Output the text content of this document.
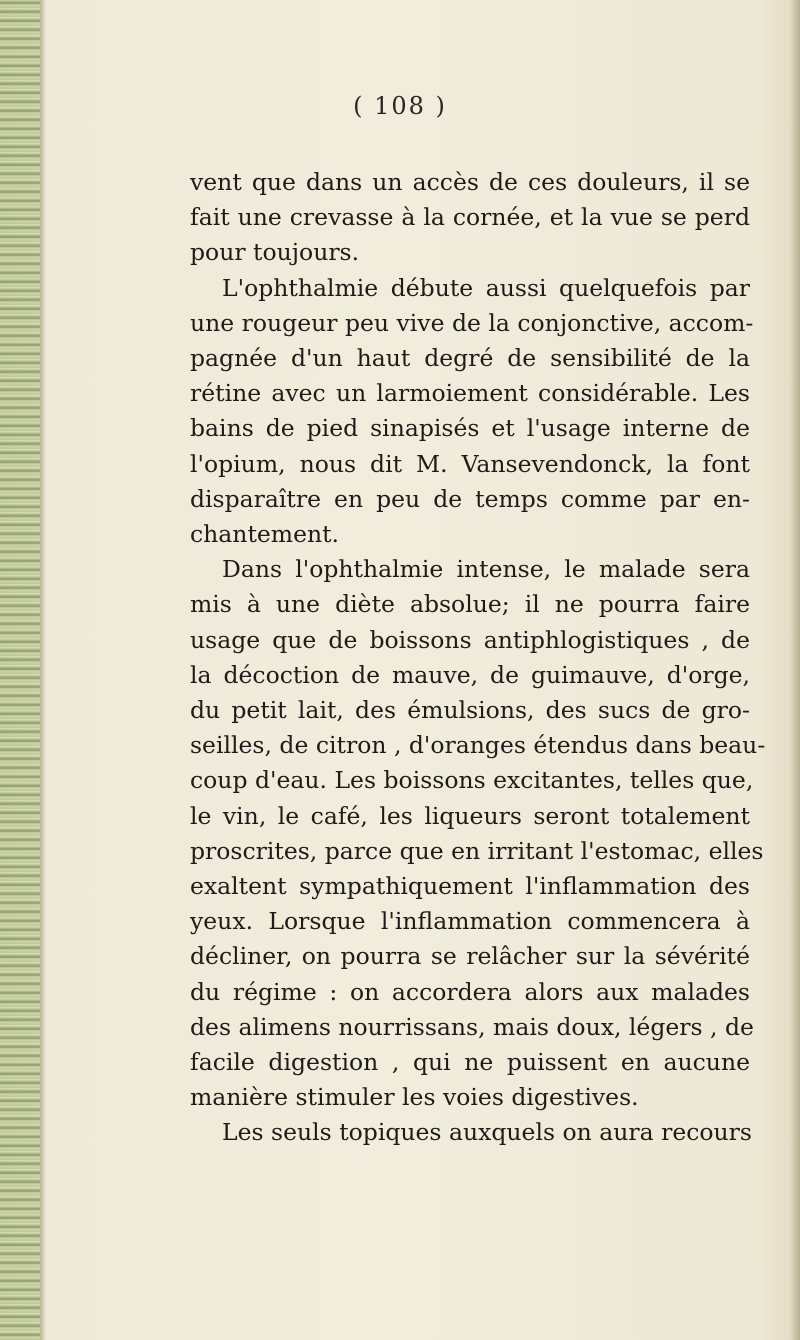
( 108 )
vent que dans un accès de ces douleurs, il se
fait une crevasse à la cornée, et la vue se perd
pour toujours.
L'ophthalmie débute aussi quelquefois par
une rougeur peu vive de la conjonctive, accom-
pagnée d'un haut degré de sensibilité de la
rétine avec un larmoiement considérable. Les
bains de pied sinapisés et l'usage interne de
l'opium, nous dit M. Vansevendonck, la font
disparaître en peu de temps comme par en-
chantement.
Dans l'ophthalmie intense, le malade sera
mis à une diète absolue; il ne pourra faire
usage que de boissons antiphlogistiques , de
la décoction de mauve, de guimauve, d'orge,
du petit lait, des émulsions, des sucs de gro-
seilles, de citron , d'oranges étendus dans beau-
coup d'eau. Les boissons excitantes, telles que,
le vin, le café, les liqueurs seront totalement
proscrites, parce que en irritant l'estomac, elles
exaltent sympathiquement l'inflammation des
yeux. Lorsque l'inflammation commencera à
décliner, on pourra se relâcher sur la sévérité
du régime : on accordera alors aux malades
des alimens nourrissans, mais doux, légers , de
facile digestion , qui ne puissent en aucune
manière stimuler les voies digestives.
Les seuls topiques auxquels on aura recours
